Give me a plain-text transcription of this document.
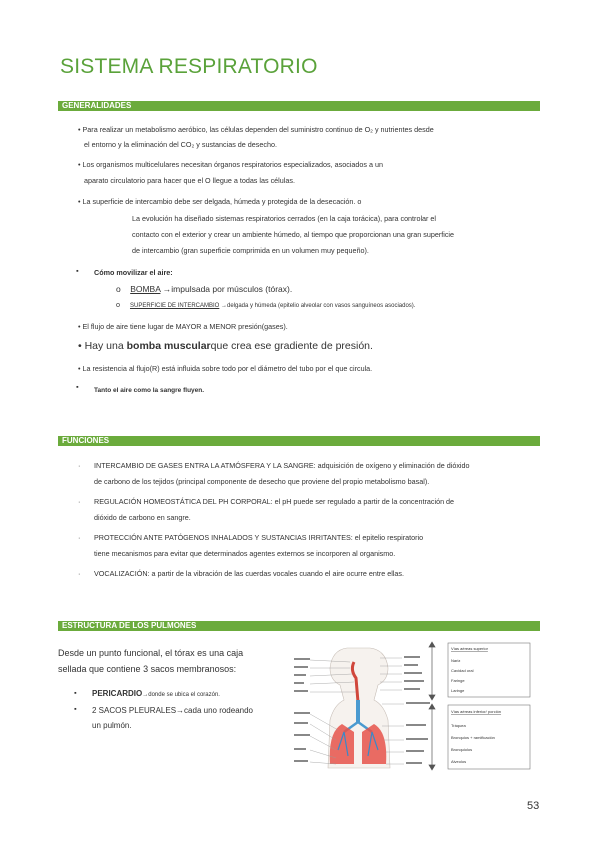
SISTEMA RESPIRATORIO
GENERALIDADES
• Para realizar un metabolismo aeróbico, las células dependen del suministro continuo de O₂ y nutrientes desde
el entorno y la eliminación del CO₂ y sustancias de desecho.
• Los organismos multicelulares necesitan órganos respiratorios especializados, asociados a un
aparato circulatorio para hacer que el O llegue a todas las células.
• La superficie de intercambio debe ser delgada, húmeda y protegida de la desecación. o
La evolución ha diseñado sistemas respiratorios cerrados (en la caja torácica), para controlar el
contacto con el exterior y crear un ambiente húmedo, al tiempo que proporcionan una gran superficie
de intercambio (gran superficie comprimida en un volumen muy pequeño).
▪ Cómo movilizar el aire:
o    BOMBA →impulsada por músculos (tórax).
o     SUPERFICIE DE INTERCAMBIO →delgada y húmeda (epitelio alveolar con vasos sanguíneos asociados).
• El flujo de aire tiene lugar de MAYOR a MENOR presión(gases).
• Hay una bomba muscularque crea ese gradiente de presión.
• La resistencia al flujo(R) está influida sobre todo por el diámetro del tubo por el que circula.
▪ Tanto el aire como la sangre fluyen.
FUNCIONES
· INTERCAMBIO DE GASES ENTRA LA ATMÓSFERA Y LA SANGRE: adquisición de oxígeno y eliminación de dióxido
de carbono de los tejidos (principal componente de desecho que proviene del propio metabolismo basal).
· REGULACIÓN HOMEOSTÁTICA DEL PH CORPORAL: el pH puede ser regulado a partir de la concentración de
dióxido de carbono en sangre.
· PROTECCIÓN ANTE PATÓGENOS INHALADOS Y SUSTANCIAS IRRITANTES: el epitelio respiratorio
tiene mecanismos para evitar que determinados agentes externos se incorporen al organismo.
· VOCALIZACIÓN: a partir de la vibración de las cuerdas vocales cuando el aire ocurre entre ellas.
ESTRUCTURA DE LOS PULMONES
Desde un punto funcional, el tórax es una caja
sellada que contiene 3 sacos membranosos:
▪ PERICARDIO→donde se ubica el corazón.
▪ 2 SACOS PLEURALES→cada uno rodeando
un pulmón.
Vías aéreas superior
Nariz
Cavidad oral
Faringe
Laringe
Vías aéreas inferior/ porción
Tráquea
Bronquios + ramificación
Bronquiolos
Alveolos
53
